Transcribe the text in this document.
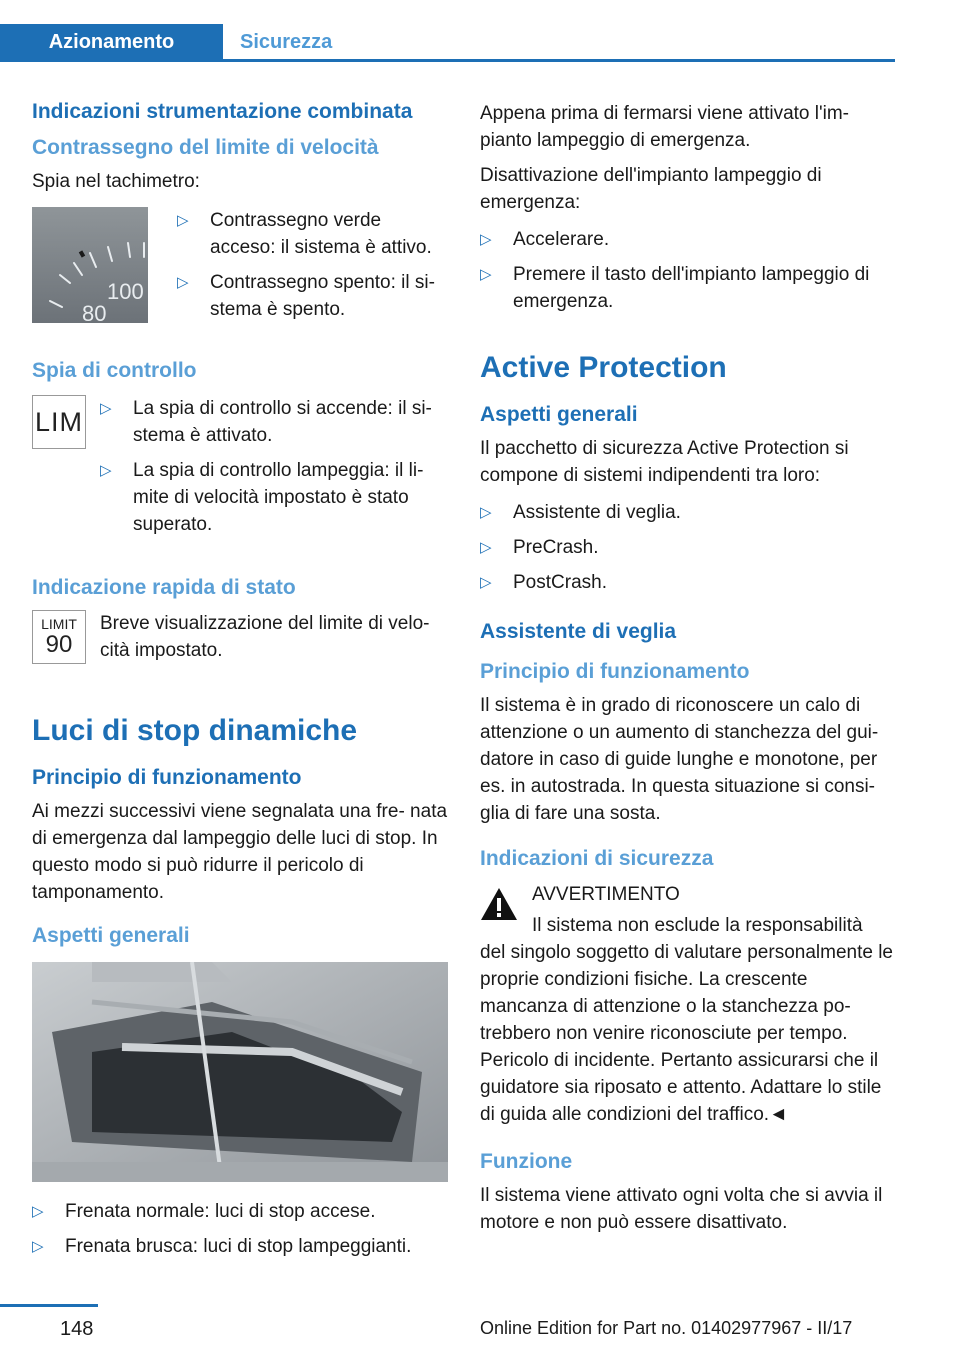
Azionamento	Sicurezza
Indicazioni strumentazione combinata
Contrassegno del limite di velocità
Spia nel tachimetro:
100
80
▷ Contrassegno verde acceso: il sistema è attivo.
▷ Contrassegno spento: il si- stema è spento.
Spia di controllo
LIM ▷ La spia di controllo si accende: il si- stema è attivato.
▷ La spia di controllo lampeggia: il li- mite di velocità impostato è stato superato.
Indicazione rapida di stato
LIMIT
90
Breve visualizzazione del limite di velo- cità impostato.
Luci di stop dinamiche
Principio di funzionamento
Ai mezzi successivi viene segnalata una fre- nata di emergenza dal lampeggio delle luci di stop. In questo modo si può ridurre il pericolo di tamponamento.
Aspetti generali
▷ Frenata normale: luci di stop accese.
▷ Frenata brusca: luci di stop lampeggianti.
Appena prima di fermarsi viene attivato l'im- pianto lampeggio di emergenza.
Disattivazione dell'impianto lampeggio di emergenza:
▷ Accelerare.
▷ Premere il tasto dell'impianto lampeggio di emergenza.
Active Protection
Aspetti generali
Il pacchetto di sicurezza Active Protection si compone di sistemi indipendenti tra loro:
▷ Assistente di veglia.
▷ PreCrash.
▷ PostCrash.
Assistente di veglia
Principio di funzionamento
Il sistema è in grado di riconoscere un calo di attenzione o un aumento di stanchezza del gui- datore in caso di guide lunghe e monotone, per es. in autostrada. In questa situazione si consi- glia di fare una sosta.
Indicazioni di sicurezza
AVVERTIMENTO
Il sistema non esclude la responsabilità
del singolo soggetto di valutare personalmente le proprie condizioni fisiche. La crescente mancanza di attenzione o la stanchezza po- trebbero non venire riconosciute per tempo. Pericolo di incidente. Pertanto assicurarsi che il guidatore sia riposato e attento. Adattare lo stile di guida alle condizioni del traffico.◄
Funzione
Il sistema viene attivato ogni volta che si avvia il motore e non può essere disattivato.
148	Online Edition for Part no. 01402977967 - II/17
